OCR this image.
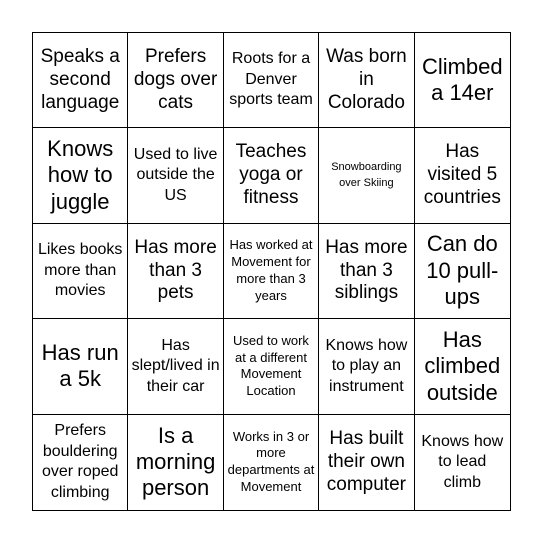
Speaks a second language
Prefers dogs over cats
Roots for a Denver sports team
Was born in Colorado
Climbed a 14er
Knows how to juggle
Used to live outside the US
Teaches yoga or fitness
Snowboarding over Skiing
Has visited 5 countries
Likes books more than movies
Has more than 3 pets
Has worked at Movement for more than 3 years
Has more than 3 siblings
Can do 10 pull-ups
Has run a 5k
Has slept/lived in their car
Used to work at a different Movement Location
Knows how to play an instrument
Has climbed outside
Prefers bouldering over roped climbing
Is a morning person
Works in 3 or more departments at Movement
Has built their own computer
Knows how to lead climb
